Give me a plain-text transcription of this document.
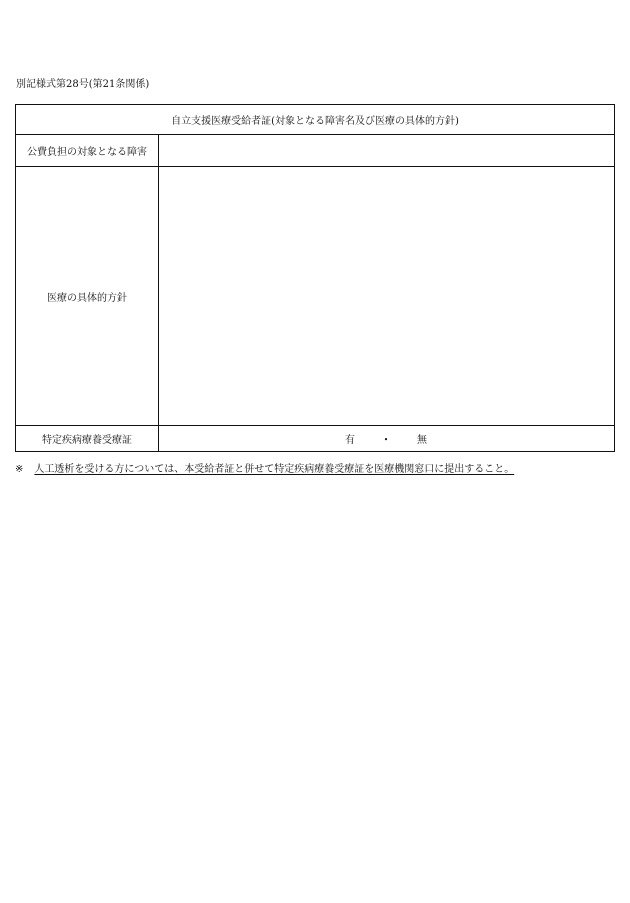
別記様式第28号(第21条関係)
自立支援医療受給者証(対象となる障害名及び医療の具体的方針)
公費負担の対象となる障害
医療の具体的方針
特定疾病療養受療証	有	・	無
※ 人工透析を受ける方については、本受給者証と併せて特定疾病療養受療証を医療機関窓口に提出すること。
